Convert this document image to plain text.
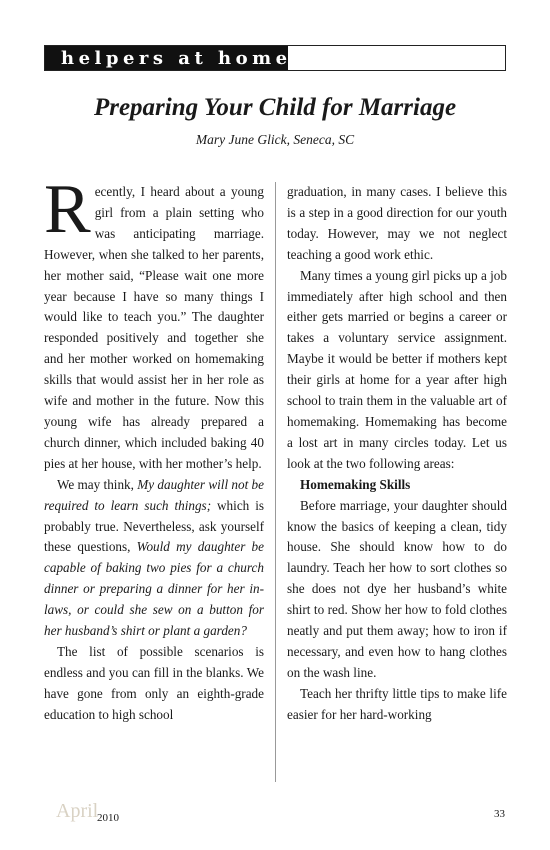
helpers at home
Preparing Your Child for Marriage
Mary June Glick, Seneca, SC

Recently, I heard about a young girl from a plain setting who was anticipating marriage. However, when she talked to her parents, her mother said, “Please wait one more year because I have so many things I would like to teach you.” The daughter responded positively and together she and her mother worked on homemaking skills that would assist her in her role as wife and mother in the future. Now this young wife has already prepared a church dinner, which included baking 40 pies at her house, with her mother’s help.

We may think, My daughter will not be required to learn such things; which is probably true. Nevertheless, ask yourself these questions, Would my daughter be capable of baking two pies for a church dinner or preparing a dinner for her in-laws, or could she sew on a button for her husband’s shirt or plant a garden?

The list of possible scenarios is endless and you can fill in the blanks. We have gone from only an eighth-grade education to high school

graduation, in many cases. I believe this is a step in a good direction for our youth today. However, may we not neglect teaching a good work ethic.

Many times a young girl picks up a job immediately after high school and then either gets married or begins a career or takes a voluntary service assignment. Maybe it would be better if mothers kept their girls at home for a year after high school to train them in the valuable art of homemaking. Homemaking has become a lost art in many circles today. Let us look at the two following areas:

Homemaking Skills

Before marriage, your daughter should know the basics of keeping a clean, tidy house. She should know how to do laundry. Teach her how to sort clothes so she does not dye her husband’s white shirt to red. Show her how to fold clothes neatly and put them away; how to iron if necessary, and even how to hang clothes on the wash line.

Teach her thrifty little tips to make life easier for her hard-working

April
2010	33
